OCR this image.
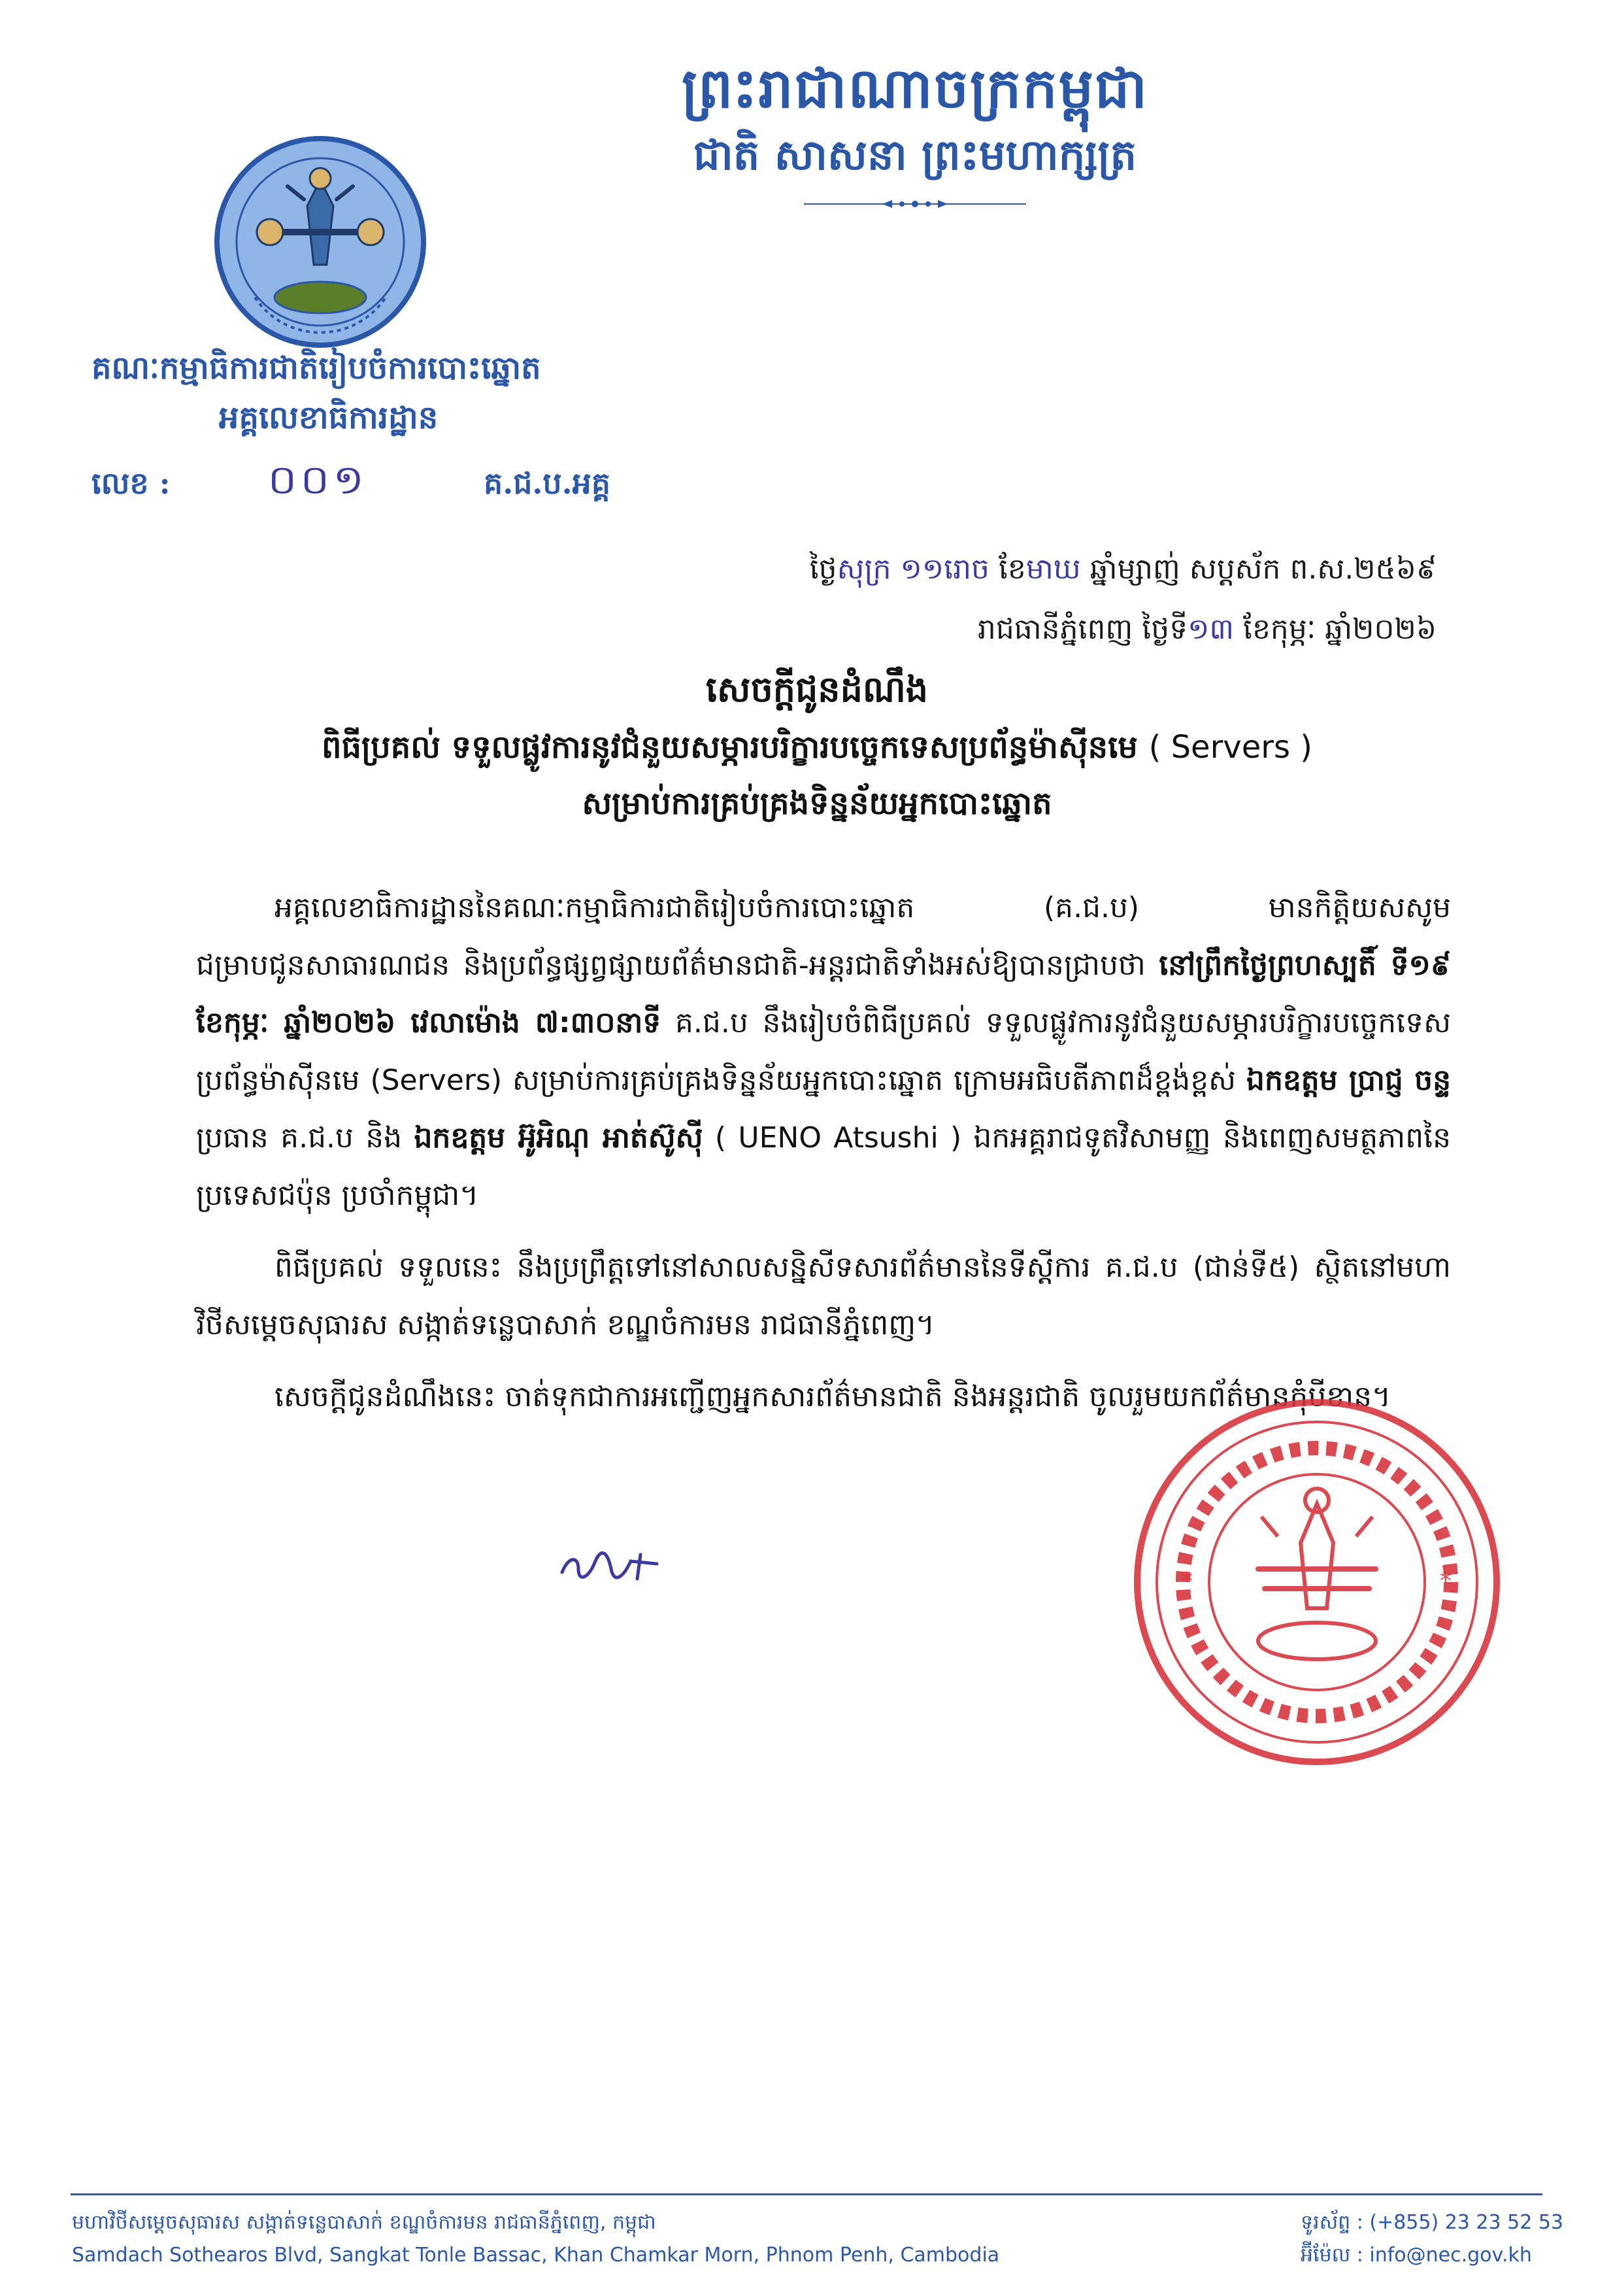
ព្រះរាជាណាចក្រកម្ពុជា
ជាតិ សាសនា ព្រះមហាក្សត្រ
គណៈកម្មាធិការជាតិរៀបចំការបោះឆ្នោត
អគ្គលេខាធិការដ្ឋាន
លេខ : ០០១	គ.ជ.ប.អគ្គ
ថ្ងៃសុក្រ ១១រោច ខែមាឃ ឆ្នាំម្សាញ់ សប្តស័ក ព.ស.២៥៦៩
រាជធានីភ្នំពេញ ថ្ងៃទី១៣ ខែកុម្ភៈ ឆ្នាំ២០២៦
សេចក្តីជូនដំណឹង
ពិធីប្រគល់ ទទួលផ្លូវការនូវជំនួយសម្ភារបរិក្ខារបច្ចេកទេសប្រព័ន្ធម៉ាស៊ីនមេ ( Servers )
សម្រាប់ការគ្រប់គ្រងទិន្នន័យអ្នកបោះឆ្នោត

អគ្គលេខាធិការដ្ឋាននៃគណៈកម្មាធិការជាតិរៀបចំការបោះឆ្នោត (គ.ជ.ប) មានកិត្តិយសសូមជម្រាបជូនសាធារណជន និងប្រព័ន្ធផ្សព្វផ្សាយព័ត៌មានជាតិ-អន្តរជាតិទាំងអស់ឱ្យបានជ្រាបថា នៅព្រឹកថ្ងៃព្រហស្បតិ៍ ទី១៩ ខែកុម្ភៈ ឆ្នាំ២០២៦ វេលាម៉ោង ៧:៣០នាទី គ.ជ.ប នឹងរៀបចំពិធីប្រគល់ ទទួលផ្លូវការនូវជំនួយសម្ភារបរិក្ខារបច្ចេកទេសប្រព័ន្ធម៉ាស៊ីនមេ (Servers) សម្រាប់ការគ្រប់គ្រងទិន្នន័យអ្នកបោះឆ្នោត ក្រោមអធិបតីភាពដ៏ខ្ពង់ខ្ពស់ ឯកឧត្តម ប្រាជ្ញ ចន្ទ ប្រធាន គ.ជ.ប និង ឯកឧត្តម អ៊ូអិណុ អាត់ស៊ូស៊ី ( UENO Atsushi ) ឯកអគ្គរាជទូតវិសាមញ្ញ និងពេញសមត្ថភាពនៃប្រទេសជប៉ុន ប្រចាំកម្ពុជា។

ពិធីប្រគល់ ទទួលនេះ នឹងប្រព្រឹត្តទៅនៅសាលសន្និសីទសារព័ត៌មាននៃទីស្តីការ គ.ជ.ប (ជាន់ទី៥) ស្ថិតនៅមហាវិថីសម្តេចសុធារស សង្កាត់ទន្លេបាសាក់ ខណ្ឌចំការមន រាជធានីភ្នំពេញ។

សេចក្តីជូនដំណឹងនេះ ចាត់ទុកជាការអញ្ជើញអ្នកសារព័ត៌មានជាតិ និងអន្តរជាតិ ចូលរួមយកព័ត៌មានកុំបីខាន។

*	*
មហាវិថីសម្តេចសុធារស សង្កាត់ទន្លេបាសាក់ ខណ្ឌចំការមន រាជធានីភ្នំពេញ, កម្ពុជា
Samdach Sothearos Blvd, Sangkat Tonle Bassac, Khan Chamkar Morn, Phnom Penh, Cambodia
ទូរស័ព្ទ : (+855) 23 23 52 53
អ៊ីម៉ែល : info@nec.gov.kh
